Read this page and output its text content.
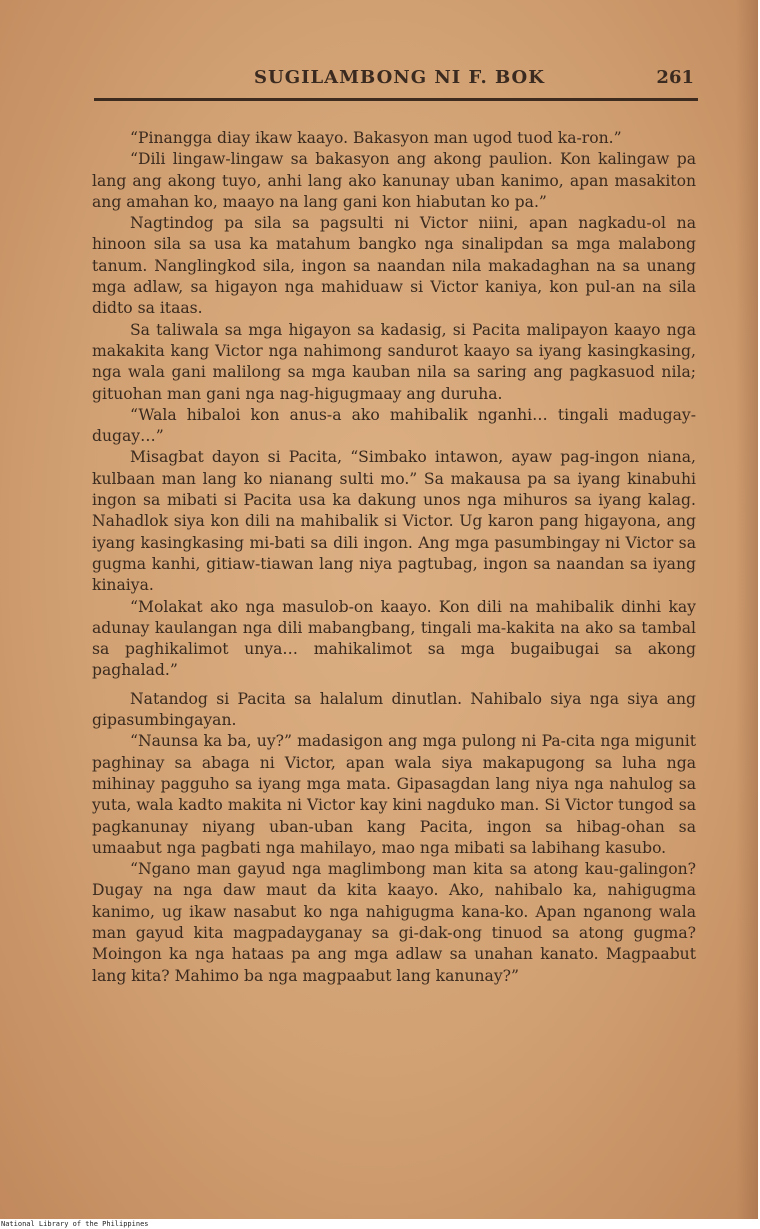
SUGILAMBONG NI F. BOK	261

“Pinangga diay ikaw kaayo. Bakasyon man ugod tuod ka-ron.”

“Dili lingaw-lingaw sa bakasyon ang akong paulion. Kon kalingaw pa lang ang akong tuyo, anhi lang ako kanunay uban kanimo, apan masakiton ang amahan ko, maayo na lang gani kon hiabutan ko pa.”

Nagtindog pa sila sa pagsulti ni Victor niini, apan nagkadu-ol na hinoon sila sa usa ka matahum bangko nga sinalipdan sa mga malabong tanum. Nanglingkod sila, ingon sa naandan nila makadaghan na sa unang mga adlaw, sa higayon nga mahiduaw si Victor kaniya, kon pul-an na sila didto sa itaas.

Sa taliwala sa mga higayon sa kadasig, si Pacita malipayon kaayo nga makakita kang Victor nga nahimong sandurot kaayo sa iyang kasingkasing, nga wala gani malilong sa mga kauban nila sa saring ang pagkasuod nila; gituohan man gani nga nag-higugmaay ang duruha.

“Wala hibaloi kon anus-a ako mahibalik nganhi… tingali madugay-dugay…”

Misagbat dayon si Pacita, “Simbako intawon, ayaw pag-ingon niana, kulbaan man lang ko nianang sulti mo.” Sa makausa pa sa iyang kinabuhi ingon sa mibati si Pacita usa ka dakung unos nga mihuros sa iyang kalag. Nahadlok siya kon dili na mahibalik si Victor. Ug karon pang higayona, ang iyang kasingkasing mi-bati sa dili ingon. Ang mga pasumbingay ni Victor sa gugma kanhi, gitiaw-tiawan lang niya pagtubag, ingon sa naandan sa iyang kinaiya.

“Molakat ako nga masulob-on kaayo. Kon dili na mahibalik dinhi kay adunay kaulangan nga dili mabangbang, tingali ma-kakita na ako sa tambal sa paghikalimot unya… mahikalimot sa mga bugaibugai sa akong paghalad.”

Natandog si Pacita sa halalum dinutlan. Nahibalo siya nga siya ang gipasumbingayan.

“Naunsa ka ba, uy?” madasigon ang mga pulong ni Pa-cita nga migunit paghinay sa abaga ni Victor, apan wala siya makapugong sa luha nga mihinay pagguho sa iyang mga mata. Gipasagdan lang niya nga nahulog sa yuta, wala kadto makita ni Victor kay kini nagduko man. Si Victor tungod sa pagkanunay niyang uban-uban kang Pacita, ingon sa hibag-ohan sa umaabut nga pagbati nga mahilayo, mao nga mibati sa labihang kasubo.

“Ngano man gayud nga maglimbong man kita sa atong kau-galingon? Dugay na nga daw maut da kita kaayo. Ako, nahibalo ka, nahigugma kanimo, ug ikaw nasabut ko nga nahigugma kana-ko. Apan nganong wala man gayud kita magpadayganay sa gi-dak-ong tinuod sa atong gugma? Moingon ka nga hataas pa ang mga adlaw sa unahan kanato. Magpaabut lang kita? Mahimo ba nga magpaabut lang kanunay?”

National Library of the Philippines
